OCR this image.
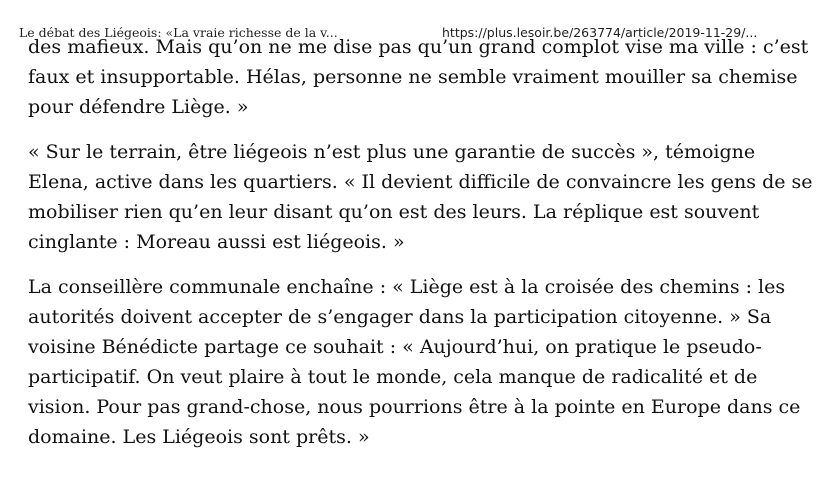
Le débat des Liégeois: «La vraie richesse de la v...	https://plus.lesoir.be/263774/article/2019-11-29/...

des mafieux. Mais qu’on ne me dise pas qu’un grand complot vise ma ville : c’est
faux et insupportable. Hélas, personne ne semble vraiment mouiller sa chemise
pour défendre Liège. »

« Sur le terrain, être liégeois n’est plus une garantie de succès », témoigne
Elena, active dans les quartiers. « Il devient difficile de convaincre les gens de se
mobiliser rien qu’en leur disant qu’on est des leurs. La réplique est souvent
cinglante : Moreau aussi est liégeois. »

La conseillère communale enchaîne : « Liège est à la croisée des chemins : les
autorités doivent accepter de s’engager dans la participation citoyenne. » Sa
voisine Bénédicte partage ce souhait : « Aujourd’hui, on pratique le pseudo-
participatif. On veut plaire à tout le monde, cela manque de radicalité et de
vision. Pour pas grand-chose, nous pourrions être à la pointe en Europe dans ce
domaine. Les Liégeois sont prêts. »
